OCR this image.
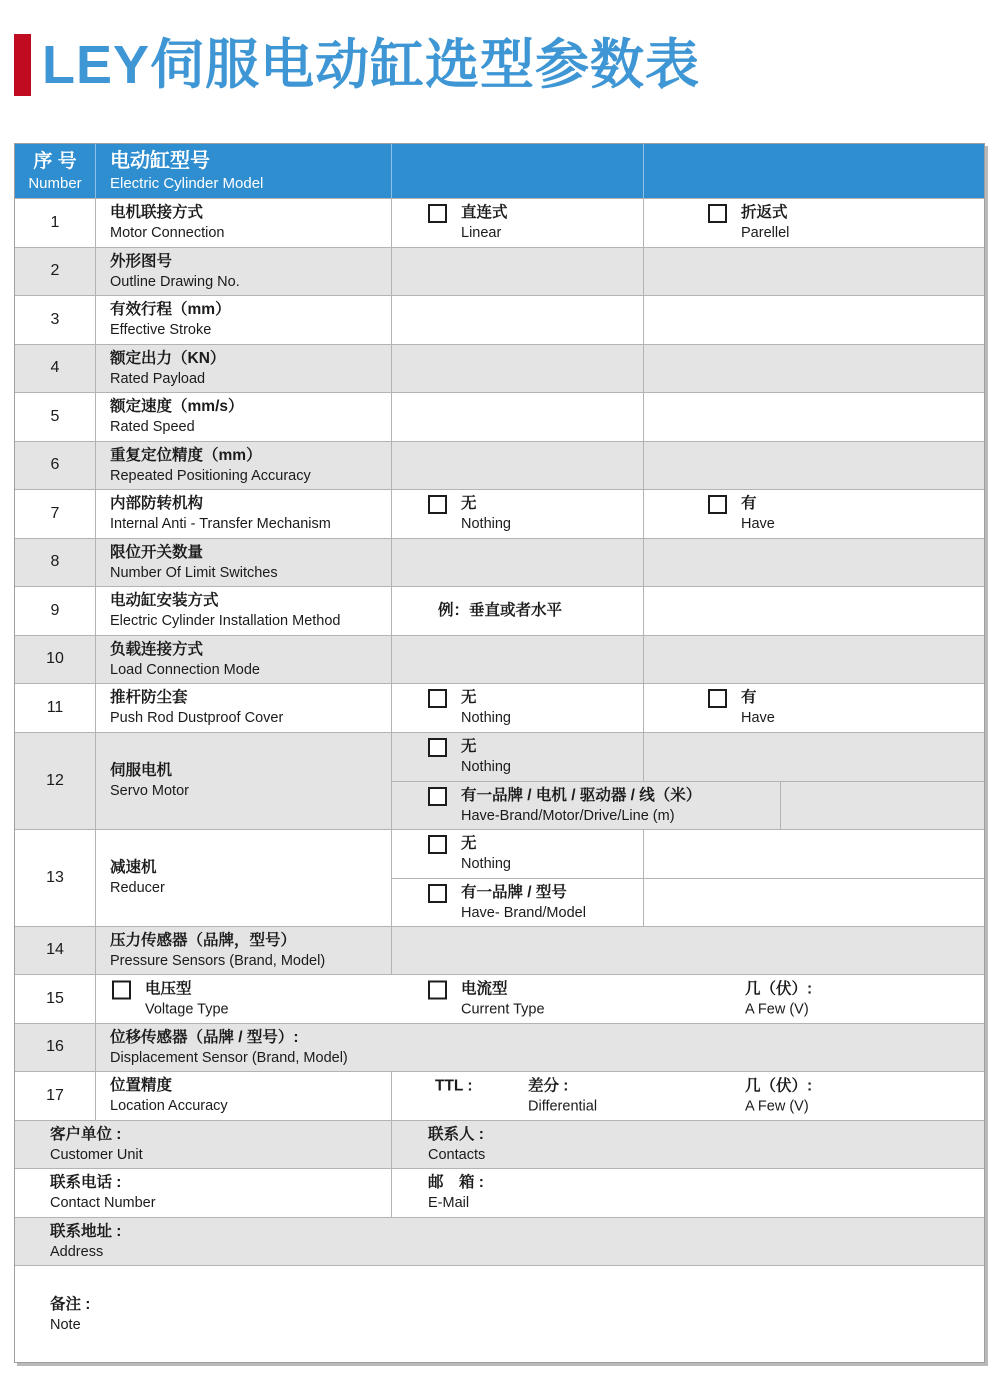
LEY伺服电动缸选型参数表
序 号
Number
电动缸型号
Electric Cylinder Model
1
电机联接方式
Motor Connection
直连式
Linear
折返式
Parellel
2
外形图号
Outline Drawing No.
3
有效行程（mm）
Effective Stroke
4
额定出力（KN）
Rated Payload
5
额定速度（mm/s）
Rated Speed
6
重复定位精度（mm）
Repeated Positioning Accuracy
7
内部防转机构
Internal Anti - Transfer Mechanism
无
Nothing
有
Have
8
限位开关数量
Number Of Limit Switches
9
电动缸安装方式
Electric Cylinder Installation Method
例：垂直或者水平
10
负载连接方式
Load Connection Mode
11
推杆防尘套
Push Rod Dustproof Cover
无
Nothing
有
Have
12
伺服电机
Servo Motor
无
Nothing
有一品牌 / 电机 / 驱动器 / 线（米）
Have-Brand/Motor/Drive/Line (m)
13
减速机
Reducer
无
Nothing
有一品牌 / 型号
Have- Brand/Model
14
压力传感器（品牌，型号）
Pressure Sensors (Brand, Model)
15
电压型
Voltage Type
电流型
Current Type
几（伏）:
A Few (V)
16
位移传感器（品牌 / 型号）:
Displacement Sensor (Brand, Model)
17
位置精度
Location Accuracy
TTL :
	差分 :
Differential
几（伏）:
A Few (V)
客户单位 :
Customer Unit
联系人 :
Contacts
联系电话 :
Contact Number
邮　箱 :
E-Mail
联系地址 :
Address
备注 :
Note
